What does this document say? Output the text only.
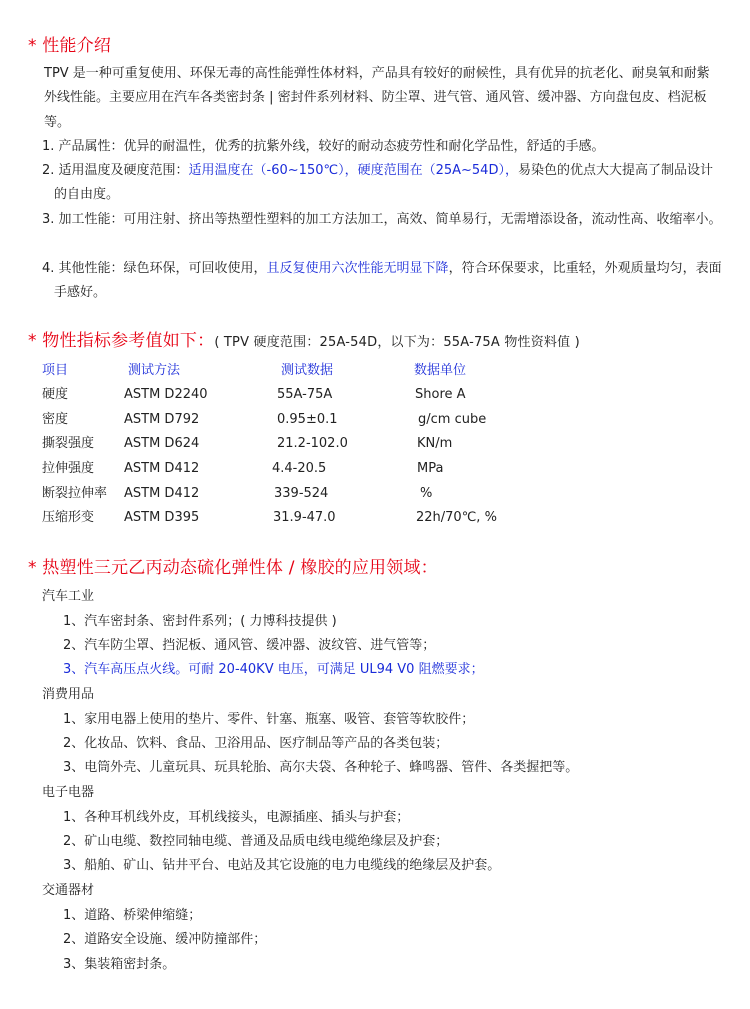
* 性能介绍
TPV 是一种可重复使用、环保无毒的高性能弹性体材料，产品具有较好的耐候性，具有优异的抗老化、耐臭氧和耐紫外线性能。主要应用在汽车各类密封条 | 密封件系列材料、防尘罩、进气管、通风管、缓冲器、方向盘包皮、档泥板等。
1. 产品属性：优异的耐温性，优秀的抗紫外线，较好的耐动态疲劳性和耐化学品性，舒适的手感。
2. 适用温度及硬度范围：适用温度在（-60~150℃），硬度范围在（25A~54D），易染色的优点大大提高了制品设计的自由度。
3. 加工性能：可用注射、挤出等热塑性塑料的加工方法加工，高效、简单易行，无需增添设备，流动性高、收缩率小。
4. 其他性能：绿色环保，可回收使用，且反复使用六次性能无明显下降，符合环保要求，比重轻，外观质量均匀，表面手感好。
* 物性指标参考值如下：( TPV 硬度范围：25A-54D，以下为：55A-75A 物性资料值 )
项目	测试方法	测试数据	数据单位
硬度	ASTM D2240	55A-75A	Shore A
密度	ASTM D792	0.95±0.1	g/cm cube
撕裂强度 ASTM D624	21.2-102.0	KN/m
拉伸强度 ASTM D412	4.4-20.5	MPa
断裂拉伸率 ASTM D412	339-524	%
压缩形变 ASTM D395	31.9-47.0	22h/70℃, %
* 热塑性三元乙丙动态硫化弹性体 / 橡胶的应用领域：
汽车工业
1、汽车密封条、密封件系列；( 力博科技提供 )
2、汽车防尘罩、挡泥板、通风管、缓冲器、波纹管、进气管等；
3、汽车高压点火线。可耐 20-40KV 电压，可满足 UL94 V0 阻燃要求；
消费用品
1、家用电器上使用的垫片、零件、针塞、瓶塞、吸管、套管等软胶件；
2、化妆品、饮料、食品、卫浴用品、医疗制品等产品的各类包装；
3、电筒外壳、儿童玩具、玩具轮胎、高尔夫袋、各种轮子、蜂鸣器、管件、各类握把等。
电子电器
1、各种耳机线外皮，耳机线接头，电源插座、插头与护套；
2、矿山电缆、数控同轴电缆、普通及品质电线电缆绝缘层及护套；
3、船舶、矿山、钻井平台、电站及其它设施的电力电缆线的绝缘层及护套。
交通器材
1、道路、桥梁伸缩缝；
2、道路安全设施、缓冲防撞部件；
3、集装箱密封条。
